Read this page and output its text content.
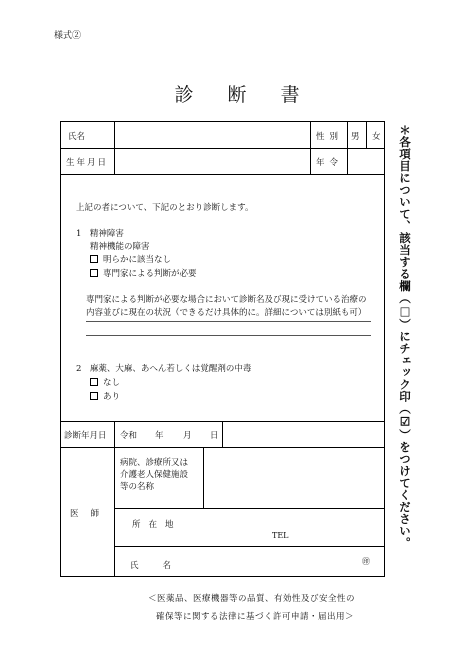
様式②
診断書
氏名	性別 男 女
生年月日	年令
上記の者について、下記のとおり診断します。
1　精神障害
精神機能の障害
明らかに該当なし
専門家による判断が必要
専門家による判断が必要な場合において診断名及び現に受けている治療の
内容並びに現在の状況（できるだけ具体的に。詳細については別紙も可）
2　麻薬、大麻、あへん若しくは覚醒剤の中毒
なし
あり
診断年月日 令和 年 月 日
医師
病院、診療所又は
介護老人保健施設
等の名称
所在地
TEL
氏名	㊞
＊各項目について、該当する欄（□）にチェック印（☑）をつけてください。
＜医薬品、医療機器等の品質、有効性及び安全性の
確保等に関する法律に基づく許可申請・届出用＞
